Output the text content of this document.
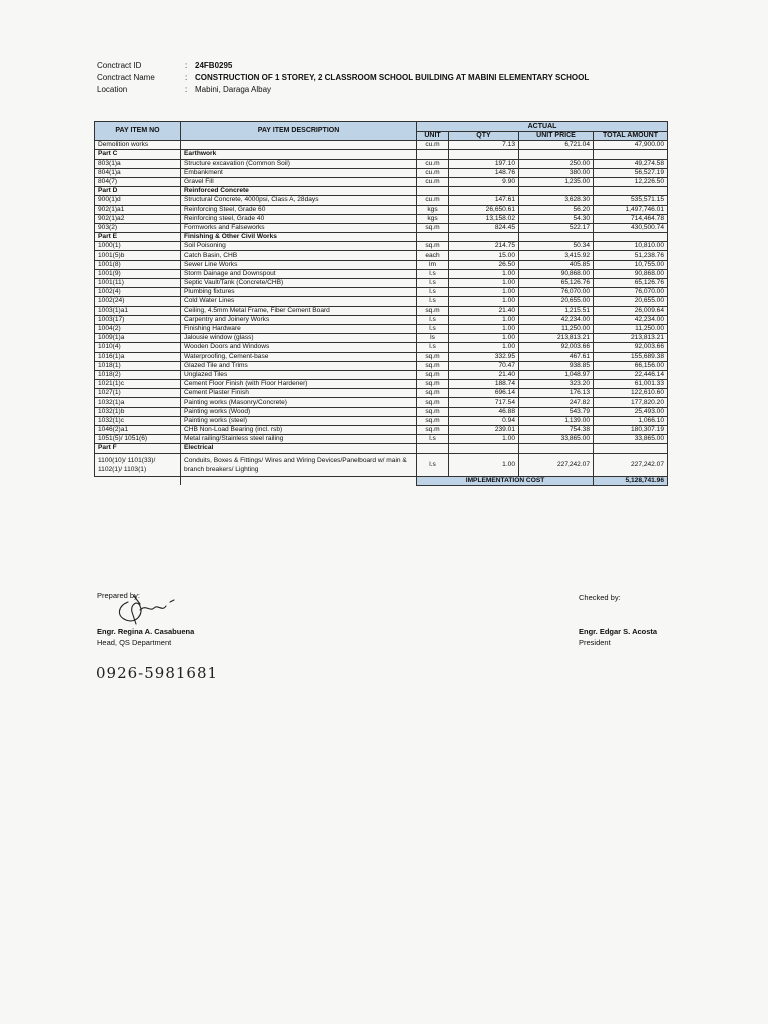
Conctract ID	: 24FB0295
Conctract Name	: CONSTRUCTION OF 1 STOREY, 2 CLASSROOM SCHOOL BUILDING AT MABINI ELEMENTARY SCHOOL
Location	: Mabini, Daraga Albay
PAY ITEM NO	PAY ITEM DESCRIPTION	ACTUAL			
		UNIT	QTY	UNIT PRICE	TOTAL AMOUNT
Demolition works		cu.m	7.13	6,721.04	47,900.00
Part C	Earthwork				
803(1)a	Structure excavation (Common Soil)	cu.m	197.10	250.00	49,274.58
804(1)a	Embankment	cu.m	148.76	380.00	56,527.19
804(7)	Gravel Fill	cu.m	9.90	1,235.00	12,226.50
Part D	Reinforced Concrete				
900(1)d	Structural Concrete, 4000psi, Class A, 28days	cu.m	147.61	3,628.30	535,571.15
902(1)a1	Reinforcing Steel, Grade 60	kgs	26,650.61	56.20	1,497,746.01
902(1)a2	Reinforcing steel, Grade 40	kgs	13,158.02	54.30	714,464.78
903(2)	Formworks and Falseworks	sq.m	824.45	522.17	430,500.74
Part E	Finishing & Other Civil Works				
1000(1)	Soil Poisoning	sq.m	214.75	50.34	10,810.00
1001(5)b	Catch Basin, CHB	each	15.00	3,415.92	51,238.76
1001(8)	Sewer Line Works	lm	26.50	405.85	10,755.00
1001(9)	Storm Dainage and Downspout	l.s	1.00	90,868.00	90,868.00
1001(11)	Septic Vault/Tank (Concrete/CHB)	l.s	1.00	65,126.76	65,126.76
1002(4)	Plumbing fixtures	l.s	1.00	76,070.00	76,070.00
1002(24)	Cold Water Lines	l.s	1.00	20,655.00	20,655.00
1003(1)a1	Ceiling, 4.5mm Metal Frame, Fiber Cement Board	sq.m	21.40	1,215.51	26,009.64
1003(17)	Carpentry and Joinery Works	l.s	1.00	42,234.00	42,234.00
1004(2)	Finishing Hardware	l.s	1.00	11,250.00	11,250.00
1009(1)a	Jalousie window (glass)	ls	1.00	213,813.21	213,813.21
1010(4)	Wooden Doors and Windows	l.s	1.00	92,003.66	92,003.66
1016(1)a	Waterproofing, Cement-base	sq.m	332.95	467.61	155,689.38
1018(1)	Glazed Tile and Trims	sq.m	70.47	938.85	66,156.00
1018(2)	Unglazed Tiles	sq.m	21.40	1,048.97	22,446.14
1021(1)c	Cement Floor Finish (with Floor Hardener)	sq.m	188.74	323.20	61,001.33
1027(1)	Cement Plaster Finish	sq.m	696.14	176.13	122,610.60
1032(1)a	Painting works (Masonry/Concrete)	sq.m	717.54	247.82	177,820.20
1032(1)b	Painting works (Wood)	sq.m	46.88	543.79	25,493.00
1032(1)c	Painting works (steel)	sq.m	0.94	1,139.00	1,066.10
1046(2)a1	CHB Non-Load Bearing (incl. rsb)	sq.m	239.01	754.38	180,307.19
1051(5)/ 1051(6)	Metal railing/Stainless steel railing	l.s	1.00	33,865.00	33,865.00
Part F	Electrical				
1100(10)/ 1101(33)/ 1102(1)/ 1103(1)	Conduits, Boxes & Fittings/ Wires and Wiring Devices/Panelboard w/ main & branch breakers/ Lighting	l.s	1.00	227,242.07	227,242.07
		IMPLEMENTATION COST			5,128,741.96
Prepared by:
Engr. Regina A. Casabuena
Head, QS Department
0926-5981681
Checked by:
Engr. Edgar S. Acosta
President
